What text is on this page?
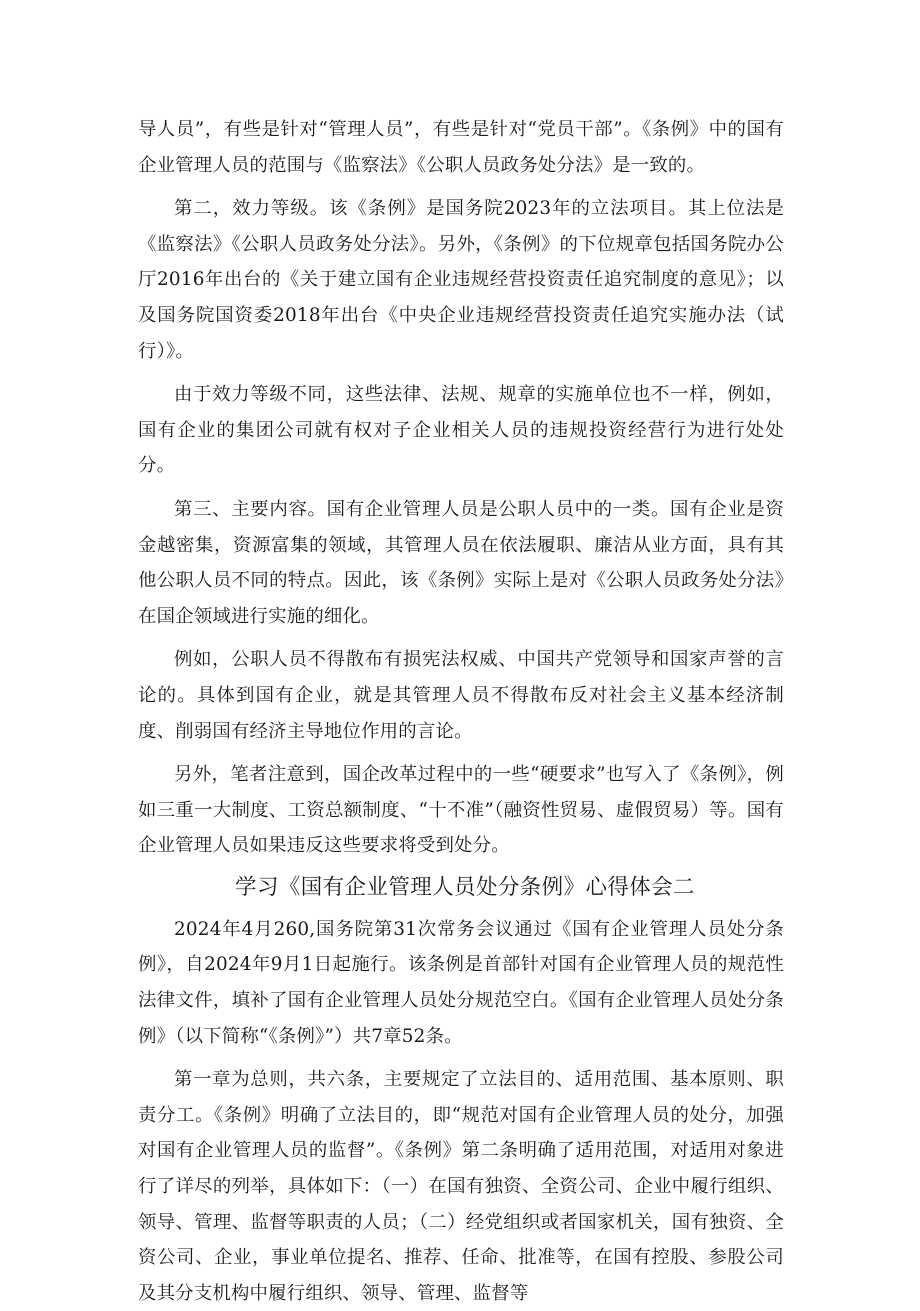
导人员”，有些是针对“管理人员”，有些是针对“党员干部”。《条例》中的国有企业管理人员的范围与《监察法》《公职人员政务处分法》是一致的。

第二，效力等级。该《条例》是国务院2023年的立法项目。其上位法是《监察法》《公职人员政务处分法》。另外，《条例》的下位规章包括国务院办公厅2016年出台的《关于建立国有企业违规经营投资责任追究制度的意见》；以及国务院国资委2018年出台《中央企业违规经营投资责任追究实施办法（试行）》。

由于效力等级不同，这些法律、法规、规章的实施单位也不一样，例如，国有企业的集团公司就有权对子企业相关人员的违规投资经营行为进行处处分。

第三、主要内容。国有企业管理人员是公职人员中的一类。国有企业是资金越密集，资源富集的领域，其管理人员在依法履职、廉洁从业方面，具有其他公职人员不同的特点。因此，该《条例》实际上是对《公职人员政务处分法》在国企领域进行实施的细化。

例如，公职人员不得散布有损宪法权威、中国共产党领导和国家声誉的言论的。具体到国有企业，就是其管理人员不得散布反对社会主义基本经济制度、削弱国有经济主导地位作用的言论。

另外，笔者注意到，国企改革过程中的一些“硬要求”也写入了《条例》，例如三重一大制度、工资总额制度、“十不准”（融资性贸易、虚假贸易）等。国有企业管理人员如果违反这些要求将受到处分。

学习《国有企业管理人员处分条例》心得体会二

2024年4月260,国务院第31次常务会议通过《国有企业管理人员处分条例》，自2024年9月1日起施行。该条例是首部针对国有企业管理人员的规范性法律文件，填补了国有企业管理人员处分规范空白。《国有企业管理人员处分条例》（以下简称“《条例》”）共7章52条。

第一章为总则，共六条，主要规定了立法目的、适用范围、基本原则、职责分工。《条例》明确了立法目的，即“规范对国有企业管理人员的处分，加强对国有企业管理人员的监督”。《条例》第二条明确了适用范围，对适用对象进行了详尽的列举，具体如下：（一）在国有独资、全资公司、企业中履行组织、领导、管理、监督等职责的人员；（二）经党组织或者国家机关，国有独资、全资公司、企业，事业单位提名、推荐、任命、批准等，在国有控股、参股公司及其分支机构中履行组织、领导、管理、监督等
